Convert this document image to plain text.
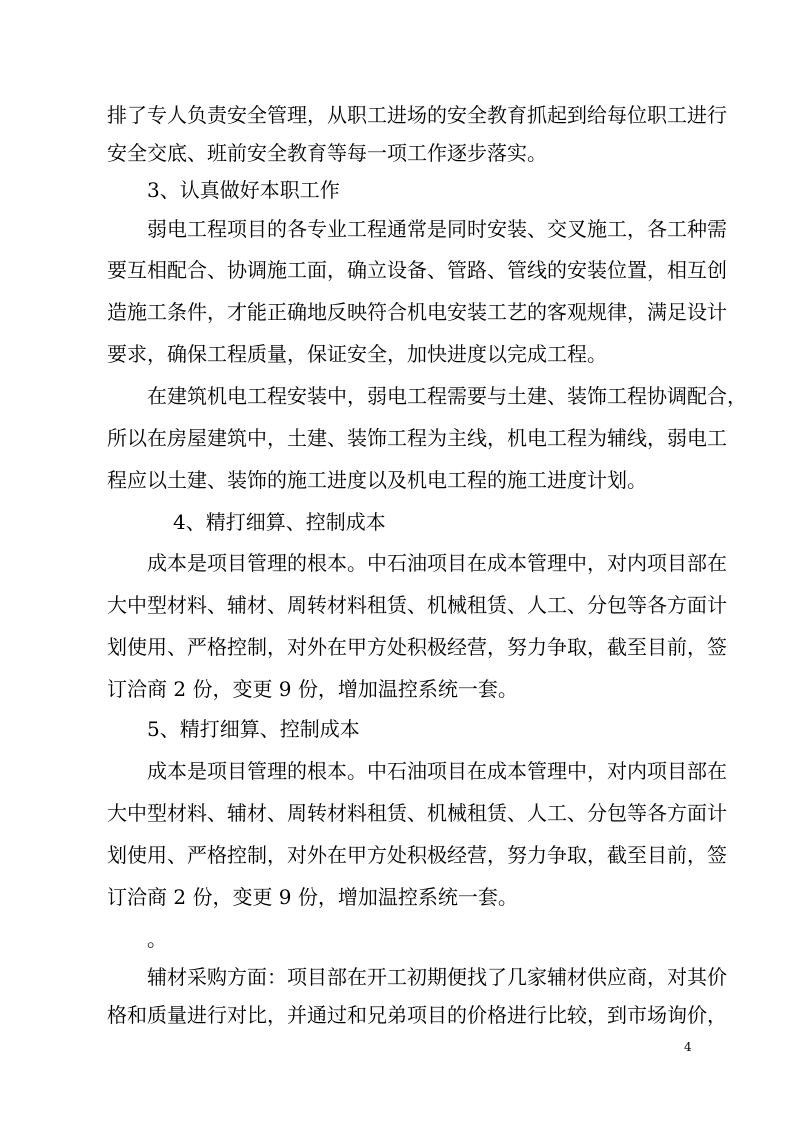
排了专人负责安全管理，从职工进场的安全教育抓起到给每位职工进行
安全交底、班前安全教育等每一项工作逐步落实。
3、认真做好本职工作
弱电工程项目的各专业工程通常是同时安装、交叉施工，各工种需
要互相配合、协调施工面，确立设备、管路、管线的安装位置，相互创
造施工条件，才能正确地反映符合机电安装工艺的客观规律，满足设计
要求，确保工程质量，保证安全，加快进度以完成工程。
在建筑机电工程安装中，弱电工程需要与土建、装饰工程协调配合，
所以在房屋建筑中，土建、装饰工程为主线，机电工程为辅线，弱电工
程应以土建、装饰的施工进度以及机电工程的施工进度计划。
4、精打细算、控制成本
成本是项目管理的根本。中石油项目在成本管理中，对内项目部在
大中型材料、辅材、周转材料租赁、机械租赁、人工、分包等各方面计
划使用、严格控制，对外在甲方处积极经营，努力争取，截至目前，签
订洽商 2 份，变更 9 份，增加温控系统一套。
5、精打细算、控制成本
成本是项目管理的根本。中石油项目在成本管理中，对内项目部在
大中型材料、辅材、周转材料租赁、机械租赁、人工、分包等各方面计
划使用、严格控制，对外在甲方处积极经营，努力争取，截至目前，签
订洽商 2 份，变更 9 份，增加温控系统一套。
。
辅材采购方面：项目部在开工初期便找了几家辅材供应商，对其价
格和质量进行对比，并通过和兄弟项目的价格进行比较，到市场询价，
4
